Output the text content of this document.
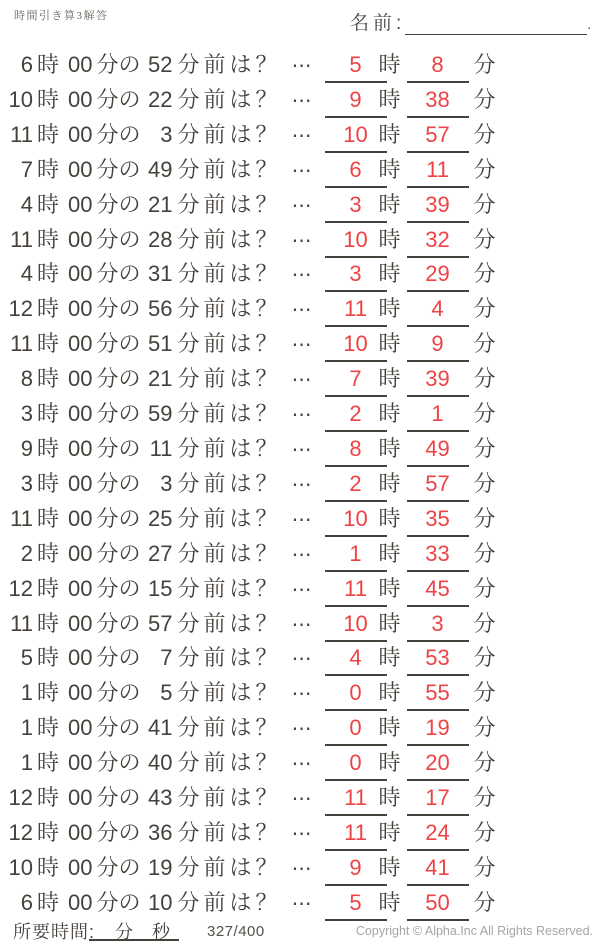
時間引き算3解答	名前:	.
6 時 00 分の 52 分前は？ ⋯	5 時	8	分
10 時 00 分の 22 分前は？ ⋯	9 時	38	分
11 時 00 分の 3 分前は？ ⋯	10 時	57	分
7 時 00 分の 49 分前は？ ⋯	6 時	11	分
4 時 00 分の 21 分前は？ ⋯	3 時	39	分
11 時 00 分の 28 分前は？ ⋯	10 時	32	分
4 時 00 分の 31 分前は？ ⋯	3 時	29	分
12 時 00 分の 56 分前は？ ⋯	11 時	4	分
11 時 00 分の 51 分前は？ ⋯	10 時	9	分
8 時 00 分の 21 分前は？ ⋯	7 時	39	分
3 時 00 分の 59 分前は？ ⋯	2 時	1	分
9 時 00 分の 11 分前は？ ⋯	8 時	49	分
3 時 00 分の 3 分前は？ ⋯	2 時	57	分
11 時 00 分の 25 分前は？ ⋯	10 時	35	分
2 時 00 分の 27 分前は？ ⋯	1 時	33	分
12 時 00 分の 15 分前は？ ⋯	11 時	45	分
11 時 00 分の 57 分前は？ ⋯	10 時	3	分
5 時 00 分の 7 分前は？ ⋯	4 時	53	分
1 時 00 分の 5 分前は？ ⋯	0 時	55	分
1 時 00 分の 41 分前は？ ⋯	0 時	19	分
1 時 00 分の 40 分前は？ ⋯	0 時	20	分
12 時 00 分の 43 分前は？ ⋯	11 時	17	分
12 時 00 分の 36 分前は？ ⋯	11 時	24	分
10 時 00 分の 19 分前は？ ⋯	9 時	41	分
6 時 00 分の 10 分前は？ ⋯	5 時	50	分
所要時間: 分 秒 327/400	Copyright © Alpha.Inc All Rights Reserved.
